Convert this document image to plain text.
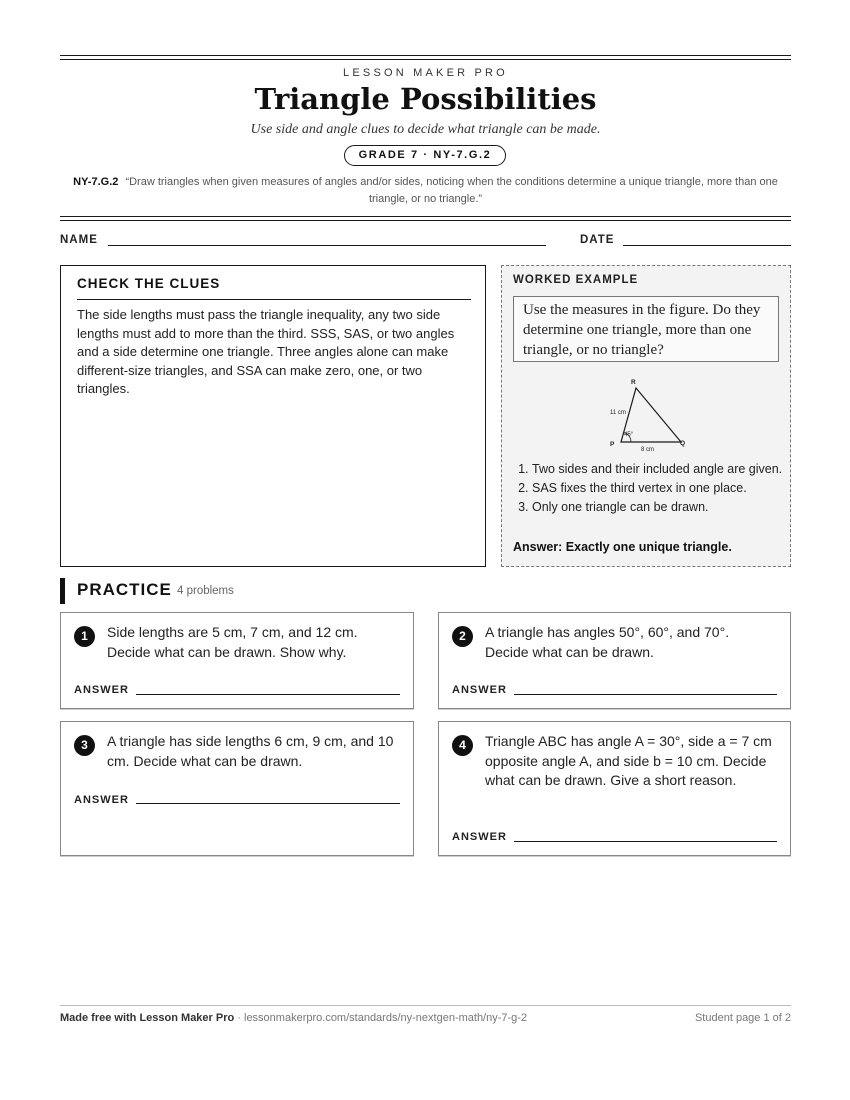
LESSON MAKER PRO
Triangle Possibilities
Use side and angle clues to decide what triangle can be made.
GRADE 7 · NY-7.G.2
NY-7.G.2 “Draw triangles when given measures of angles and/or sides, noticing when the conditions determine a unique triangle, more than one triangle, or no triangle.”
NAME	DATE
CHECK THE CLUES
The side lengths must pass the triangle inequality, any two side lengths must add to more than the third. SSS, SAS, or two angles and a side determine one triangle. Three angles alone can make different-size triangles, and SSA can make zero, one, or two triangles.
WORKED EXAMPLE
Use the measures in the figure. Do they determine one triangle, more than one triangle, or no triangle?
R
P	Q
11 cm
8 cm
45°
1. Two sides and their included angle are given.
2. SAS fixes the third vertex in one place.
3. Only one triangle can be drawn.
Answer: Exactly one unique triangle.
PRACTICE 4 problems
1	Side lengths are 5 cm, 7 cm, and 12 cm. Decide what can be drawn. Show why.
ANSWER
2	A triangle has angles 50°, 60°, and 70°. Decide what can be drawn.
ANSWER
3	A triangle has side lengths 6 cm, 9 cm, and 10 cm. Decide what can be drawn.
ANSWER
4	Triangle ABC has angle A = 30°, side a = 7 cm opposite angle A, and side b = 10 cm. Decide what can be drawn. Give a short reason.
ANSWER
Made free with Lesson Maker Pro · lessonmakerpro.com/standards/ny-nextgen-math/ny-7-g-2	Student page 1 of 2
